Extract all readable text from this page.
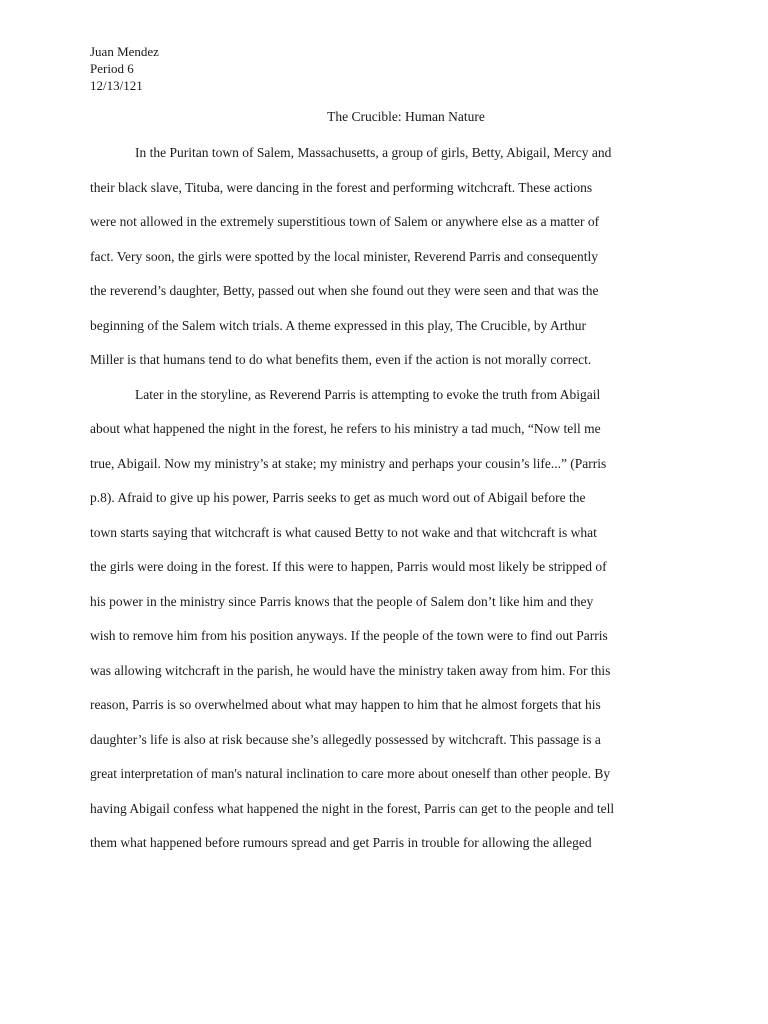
Juan Mendez
Period 6
12/13/121
The Crucible: Human Nature
In the Puritan town of Salem, Massachusetts, a group of girls, Betty, Abigail, Mercy and
their black slave, Tituba, were dancing in the forest and performing witchcraft. These actions
were not allowed in the extremely superstitious town of Salem or anywhere else as a matter of
fact. Very soon, the girls were spotted by the local minister, Reverend Parris and consequently
the reverend’s daughter, Betty, passed out when she found out they were seen and that was the
beginning of the Salem witch trials. A theme expressed in this play, The Crucible, by Arthur
Miller is that humans tend to do what benefits them, even if the action is not morally correct.
Later in the storyline, as Reverend Parris is attempting to evoke the truth from Abigail
about what happened the night in the forest, he refers to his ministry a tad much, “Now tell me
true, Abigail. Now my ministry’s at stake; my ministry and perhaps your cousin’s life...” (Parris
p.8). Afraid to give up his power, Parris seeks to get as much word out of Abigail before the
town starts saying that witchcraft is what caused Betty to not wake and that witchcraft is what
the girls were doing in the forest. If this were to happen, Parris would most likely be stripped of
his power in the ministry since Parris knows that the people of Salem don’t like him and they
wish to remove him from his position anyways. If the people of the town were to find out Parris
was allowing witchcraft in the parish, he would have the ministry taken away from him. For this
reason, Parris is so overwhelmed about what may happen to him that he almost forgets that his
daughter’s life is also at risk because she’s allegedly possessed by witchcraft. This passage is a
great interpretation of man's natural inclination to care more about oneself than other people. By
having Abigail confess what happened the night in the forest, Parris can get to the people and tell
them what happened before rumours spread and get Parris in trouble for allowing the alleged
